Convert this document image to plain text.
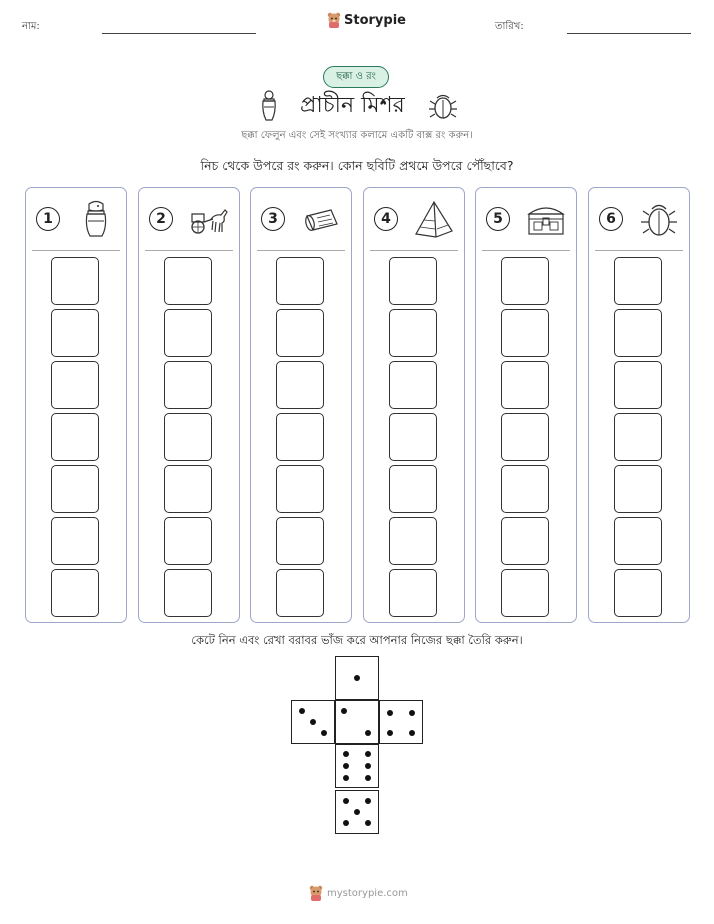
নাম:	Storypie	তারিখ:
ছক্কা ও রং
প্রাচীন মিশর
ছক্কা ফেলুন এবং সেই সংখ্যার কলামে একটি বাক্স রং করুন।
নিচ থেকে উপরে রং করুন। কোন ছবিটি প্রথমে উপরে পৌঁছাবে?
1	2	3	4	5	6
কেটে নিন এবং রেখা বরাবর ভাঁজ করে আপনার নিজের ছক্কা তৈরি করুন।
mystorypie.com
